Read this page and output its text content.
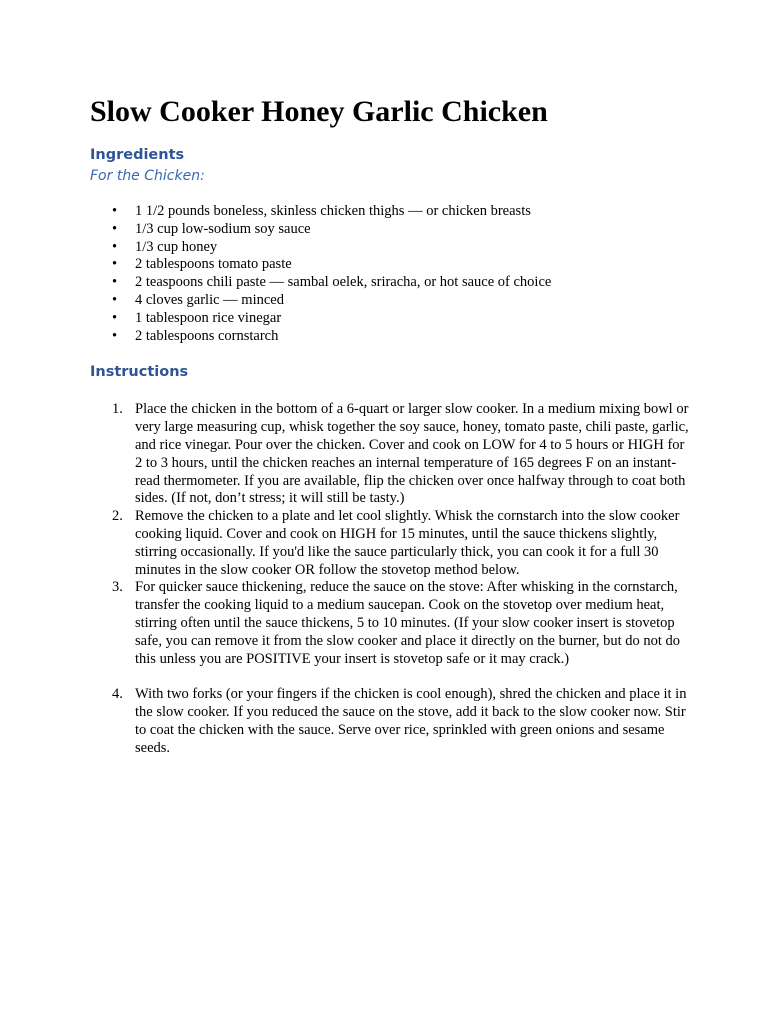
Slow Cooker Honey Garlic Chicken
Ingredients
For the Chicken:
• 1 1/2 pounds boneless, skinless chicken thighs — or chicken breasts
• 1/3 cup low-sodium soy sauce
• 1/3 cup honey
• 2 tablespoons tomato paste
• 2 teaspoons chili paste — sambal oelek, sriracha, or hot sauce of choice
• 4 cloves garlic — minced
• 1 tablespoon rice vinegar
• 2 tablespoons cornstarch
Instructions
1. Place the chicken in the bottom of a 6-quart or larger slow cooker. In a medium mixing bowl or very large measuring cup, whisk together the soy sauce, honey, tomato paste, chili paste, garlic, and rice vinegar. Pour over the chicken. Cover and cook on LOW for 4 to 5 hours or HIGH for 2 to 3 hours, until the chicken reaches an internal temperature of 165 degrees F on an instant-read thermometer. If you are available, flip the chicken over once halfway through to coat both sides. (If not, don’t stress; it will still be tasty.)
2. Remove the chicken to a plate and let cool slightly. Whisk the cornstarch into the slow cooker cooking liquid. Cover and cook on HIGH for 15 minutes, until the sauce thickens slightly, stirring occasionally. If you'd like the sauce particularly thick, you can cook it for a full 30 minutes in the slow cooker OR follow the stovetop method below.
3. For quicker sauce thickening, reduce the sauce on the stove: After whisking in the cornstarch, transfer the cooking liquid to a medium saucepan. Cook on the stovetop over medium heat, stirring often until the sauce thickens, 5 to 10 minutes. (If your slow cooker insert is stovetop safe, you can remove it from the slow cooker and place it directly on the burner, but do not do this unless you are POSITIVE your insert is stovetop safe or it may crack.)
4. With two forks (or your fingers if the chicken is cool enough), shred the chicken and place it in the slow cooker. If you reduced the sauce on the stove, add it back to the slow cooker now. Stir to coat the chicken with the sauce. Serve over rice, sprinkled with green onions and sesame seeds.
